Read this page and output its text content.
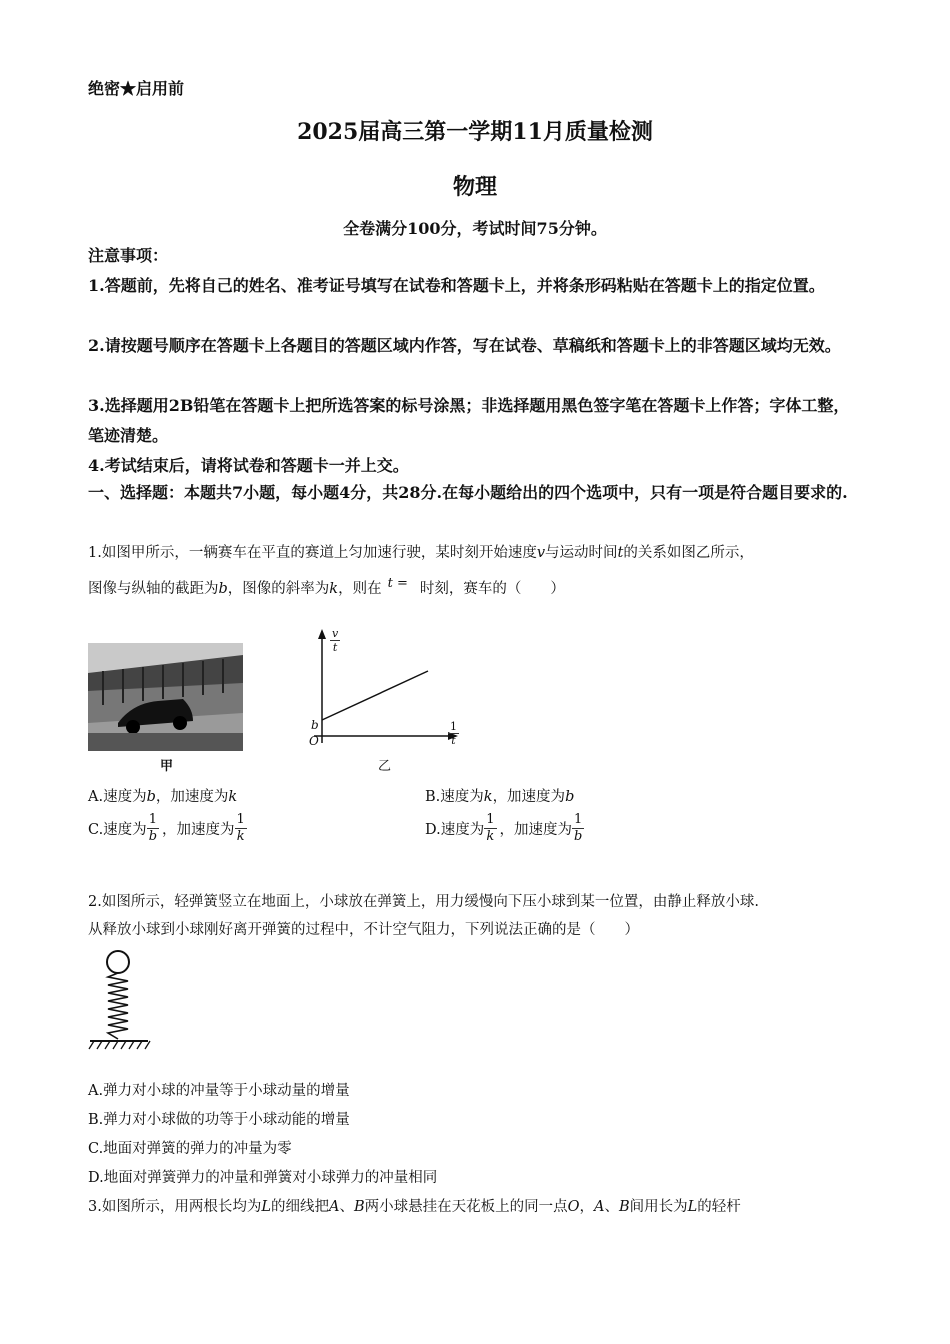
绝密★启用前
2025届高三第一学期11月质量检测
物理
全卷满分100分，考试时间75分钟。
注意事项：
1.答题前，先将自己的姓名、准考证号填写在试卷和答题卡上，并将条形码粘贴在答题卡上的指定位置。
2.请按题号顺序在答题卡上各题目的答题区域内作答，写在试卷、草稿纸和答题卡上的非答题区域均无效。
3.选择题用2B铅笔在答题卡上把所选答案的标号涂黑；非选择题用黑色签字笔在答题卡上作答；字体工整，笔迹清楚。
4.考试结束后，请将试卷和答题卡一并上交。
一、选择题：本题共7小题，每小题4分，共28分.在每小题给出的四个选项中，只有一项是符合题目要求的.
1.如图甲所示，一辆赛车在平直的赛道上匀加速行驶，某时刻开始速度v与运动时间t的关系如图乙所示，
图像与纵轴的截距为b，图像的斜率为k，则在 t = 时刻，赛车的（　　）
甲
$\frac{v}{t}$
$\frac{1}{t}$
b
O
乙
A.速度为b，加速度为k	B.速度为k，加速度为b
C.速度为 $\frac{1}{b}$ ，加速度为 $\frac{1}{k}$	D.速度为 $\frac{1}{k}$ ，加速度为 $\frac{1}{b}$
2.如图所示，轻弹簧竖立在地面上，小球放在弹簧上，用力缓慢向下压小球到某一位置，由静止释放小球.
从释放小球到小球刚好离开弹簧的过程中，不计空气阻力，下列说法正确的是（　　）
A.弹力对小球的冲量等于小球动量的增量
B.弹力对小球做的功等于小球动能的增量
C.地面对弹簧的弹力的冲量为零
D.地面对弹簧弹力的冲量和弹簧对小球弹力的冲量相同
3.如图所示，用两根长均为L的细线把A、B两小球悬挂在天花板上的同一点O，A、B间用长为L的轻杆
